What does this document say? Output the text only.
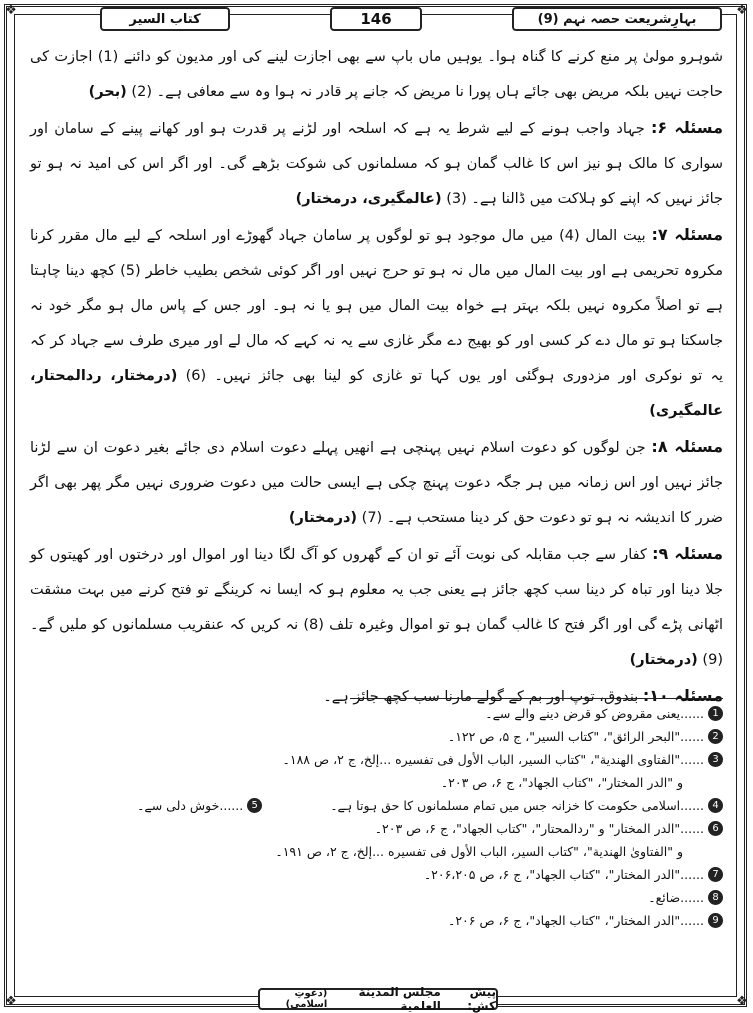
❖	❖
❖	❖
بہارِشریعت حصہ نہم (9)
146
کتاب السیر

شوہرو مولیٰ پر منع کرنے کا گناہ ہوا۔ یوہیں ماں باپ سے بھی اجازت لینے کی اور مدیون کو دائنے (1) اجازت کی حاجت نہیں بلکہ مریض بھی جائے ہاں پورا نا مریض کہ جانے پر قادر نہ ہوا وہ سے معافی ہے۔ (2) (بحر)

مسئلہ ۶: جہاد واجب ہونے کے لیے شرط یہ ہے کہ اسلحہ اور لڑنے پر قدرت ہو اور کھانے پینے کے سامان اور سواری کا مالک ہو نیز اس کا غالب گمان ہو کہ مسلمانوں کی شوکت بڑھے گی۔ اور اگر اس کی امید نہ ہو تو جائز نہیں کہ اپنے کو ہلاکت میں ڈالنا ہے۔ (3) (عالمگیری، درمختار)

مسئلہ ۷: بیت المال (4) میں مال موجود ہو تو لوگوں پر سامان جہاد گھوڑے اور اسلحہ کے لیے مال مقرر کرنا مکروہ تحریمی ہے اور بیت المال میں مال نہ ہو تو حرج نہیں اور اگر کوئی شخص بطیب خاطر (5) کچھ دینا چاہتا ہے تو اصلاً مکروہ نہیں بلکہ بہتر ہے خواہ بیت المال میں ہو یا نہ ہو۔ اور جس کے پاس مال ہو مگر خود نہ جاسکتا ہو تو مال دے کر کسی اور کو بھیج دے مگر غازی سے یہ نہ کہے کہ مال لے اور میری طرف سے جہاد کر کہ یہ تو نوکری اور مزدوری ہوگئی اور یوں کہا تو غازی کو لینا بھی جائز نہیں۔ (6) (درمختار، ردالمحتار، عالمگیری)

مسئلہ ۸: جن لوگوں کو دعوت اسلام نہیں پہنچی ہے انھیں پہلے دعوت اسلام دی جائے بغیر دعوت ان سے لڑنا جائز نہیں اور اس زمانہ میں ہر جگہ دعوت پہنچ چکی ہے ایسی حالت میں دعوت ضروری نہیں مگر پھر بھی اگر ضرر کا اندیشہ نہ ہو تو دعوت حق کر دینا مستحب ہے۔ (7) (درمختار)

مسئلہ ۹: کفار سے جب مقابلہ کی نوبت آئے تو ان کے گھروں کو آگ لگا دینا اور اموال اور درختوں اور کھیتوں کو جلا دینا اور تباہ کر دینا سب کچھ جائز ہے یعنی جب یہ معلوم ہو کہ ایسا نہ کرینگے تو فتح کرنے میں بہت مشقت اٹھانی پڑے گی اور اگر فتح کا غالب گمان ہو تو اموال وغیرہ تلف (8) نہ کریں کہ عنقریب مسلمانوں کو ملیں گے۔ (9) (درمختار)

مسئلہ ۱۰: بندوق، توپ اور بم کے گولے مارنا سب کچھ جائز ہے۔

1
......یعنی مقروض کو قرض دینے والے سے۔
2
......"البحر الرائق"، "کتاب السیر"، ج ۵، ص ۱۲۲۔
3
......"الفتاوی الھندیة"، "کتاب السیر، الباب الأول فی تفسیره ...إلخ، ج ۲، ص ۱۸۸۔
و "الدر المختار"، "کتاب الجهاد"، ج ۶، ص ۲۰۳۔
4
......اسلامی حکومت کا خزانہ جس میں تمام مسلمانوں کا حق ہوتا ہے۔
5
......خوش دلی سے۔
6
......"الدر المختار" و "ردالمحتار"، "کتاب الجهاد"، ج ۶، ص ۲۰۳۔
و "الفتاویٰ الھندیة"، "کتاب السیر، الباب الأول فی تفسیره ...إلخ، ج ۲، ص ۱۹۱۔
7
......"الدر المختار"، "کتاب الجهاد"، ج ۶، ص ۲۰۶،۲۰۵۔
8
......ضائع۔
9
......"الدر المختار"، "کتاب الجهاد"، ج ۶، ص ۲۰۶۔
پیش کش:
مجلس المدینة العلمیة
(دعوتِ اسلامی)
